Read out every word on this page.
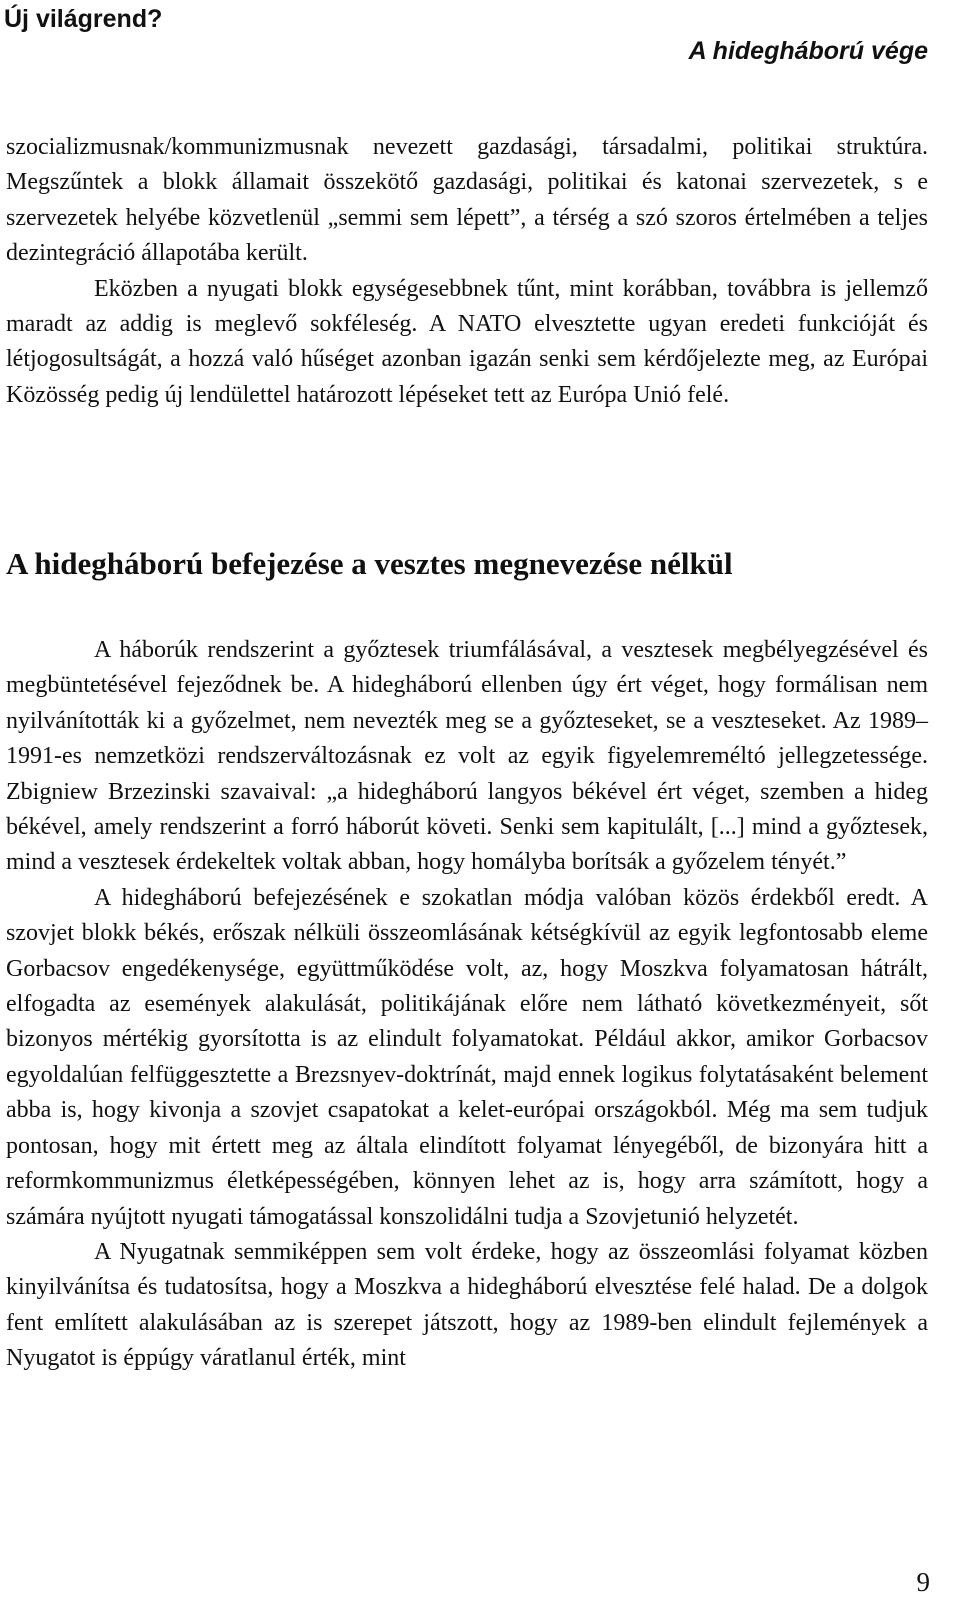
Új világrend?
A hidegháború vége

szocializmusnak/kommunizmusnak nevezett gazdasági, társadalmi, politikai struktúra. Megszűntek a blokk államait összekötő gazdasági, politikai és katonai szervezetek, s e szervezetek helyébe közvetlenül „semmi sem lépett”, a térség a szó szoros értelmében a teljes dezintegráció állapotába került.

Eközben a nyugati blokk egységesebbnek tűnt, mint korábban, továbbra is jellemző maradt az addig is meglevő sokféleség. A NATO elvesztette ugyan eredeti funkcióját és létjogosultságát, a hozzá való hűséget azonban igazán senki sem kérdőjelezte meg, az Európai Közösség pedig új lendülettel határozott lépéseket tett az Európa Unió felé.

A hidegháború befejezése a vesztes megnevezése nélkül

A háborúk rendszerint a győztesek triumfálásával, a vesztesek megbélyegzésével és megbüntetésével fejeződnek be. A hidegháború ellenben úgy ért véget, hogy formálisan nem nyilvánították ki a győzelmet, nem nevezték meg se a győzteseket, se a veszteseket. Az 1989–1991-es nemzetközi rendszerváltozásnak ez volt az egyik figyelemreméltó jellegzetessége. Zbigniew Brzezinski szavaival: „a hidegháború langyos békével ért véget, szemben a hideg békével, amely rendszerint a forró háborút követi. Senki sem kapitulált, [...] mind a győztesek, mind a vesztesek érdekeltek voltak abban, hogy homályba borítsák a győzelem tényét.”

A hidegháború befejezésének e szokatlan módja valóban közös érdekből eredt. A szovjet blokk békés, erőszak nélküli összeomlásának kétségkívül az egyik legfontosabb eleme Gorbacsov engedékenysége, együttműködése volt, az, hogy Moszkva folyamatosan hátrált, elfogadta az események alakulását, politikájának előre nem látható következményeit, sőt bizonyos mértékig gyorsította is az elindult folyamatokat. Például akkor, amikor Gorbacsov egyoldalúan felfüggesztette a Brezsnyev-doktrínát, majd ennek logikus folytatásaként belement abba is, hogy kivonja a szovjet csapatokat a kelet-európai országokból. Még ma sem tudjuk pontosan, hogy mit értett meg az általa elindított folyamat lényegéből, de bizonyára hitt a reformkommunizmus életképességében, könnyen lehet az is, hogy arra számított, hogy a számára nyújtott nyugati támogatással konszolidálni tudja a Szovjetunió helyzetét.

A Nyugatnak semmiképpen sem volt érdeke, hogy az összeomlási folyamat közben kinyilvánítsa és tudatosítsa, hogy a Moszkva a hidegháború elvesztése felé halad. De a dolgok fent említett alakulásában az is szerepet játszott, hogy az 1989-ben elindult fejlemények a Nyugatot is éppúgy váratlanul érték, mint

9
